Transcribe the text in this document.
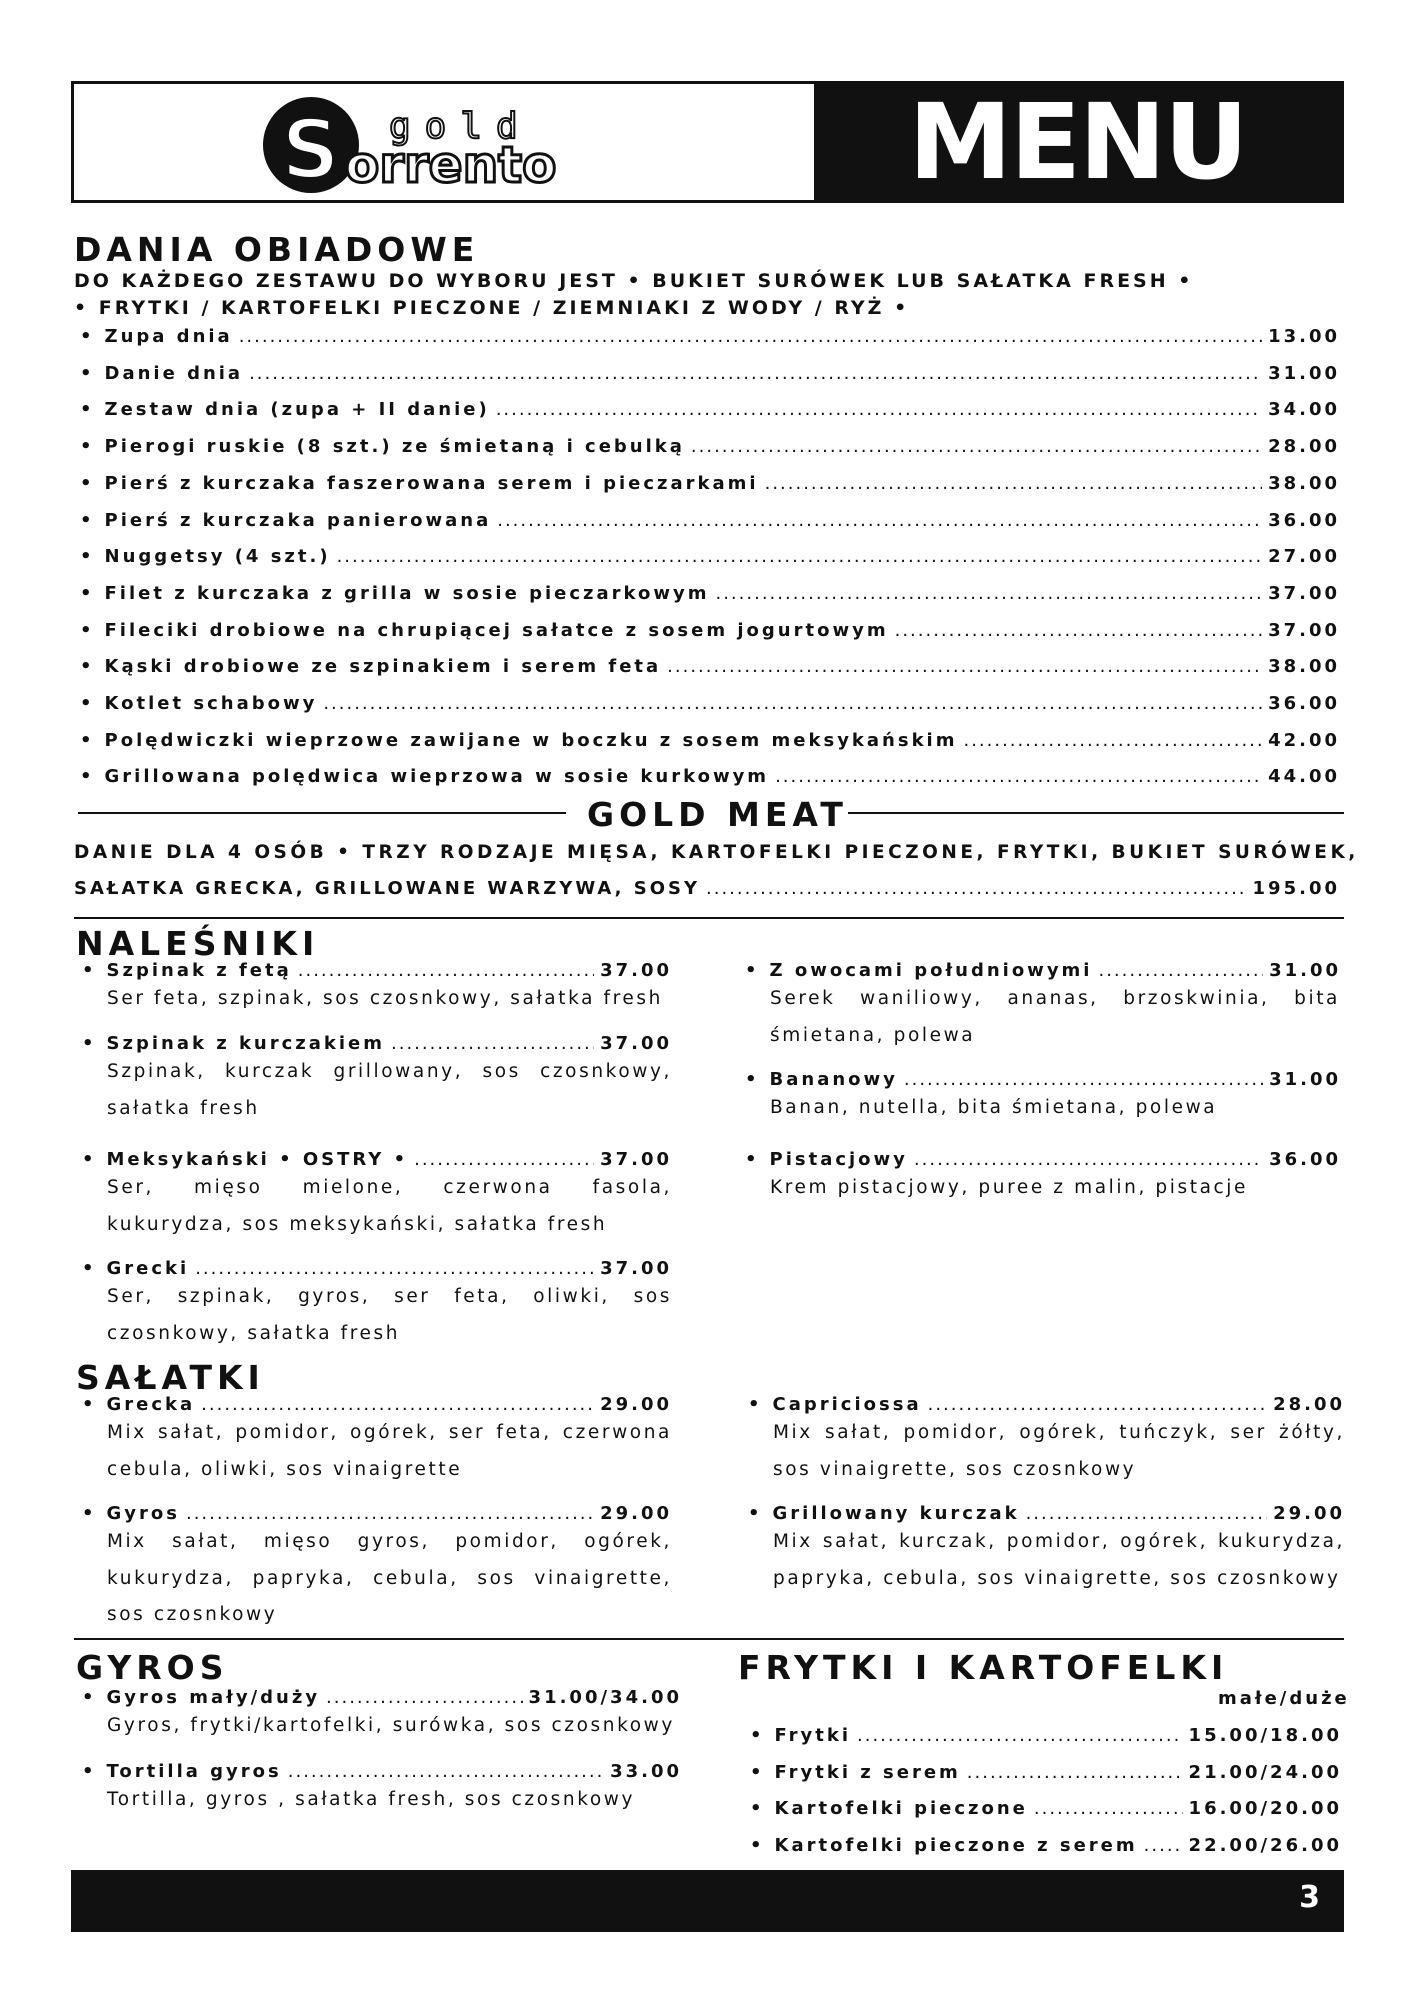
S gold
orrento	MENU
DANIA OBIADOWE
DO KAŻDEGO ZESTAWU DO WYBORU JEST • BUKIET SURÓWEK LUB SAŁATKA FRESH •
• FRYTKI / KARTOFELKI PIECZONE / ZIEMNIAKI Z WODY / RYŻ •
• Zupa dnia .....	13.00
• Danie dnia .....	31.00
• Zestaw dnia (zupa + II danie) .....	34.00
• Pierogi ruskie (8 szt.) ze śmietaną i cebulką .....	28.00
• Pierś z kurczaka faszerowana serem i pieczarkami .....	38.00
• Pierś z kurczaka panierowana .....	36.00
• Nuggetsy (4 szt.) .....	27.00
• Filet z kurczaka z grilla w sosie pieczarkowym .....	37.00
• Fileciki drobiowe na chrupiącej sałatce z sosem jogurtowym .....	37.00
• Kąski drobiowe ze szpinakiem i serem feta .....	38.00
• Kotlet schabowy .....	36.00
• Polędwiczki wieprzowe zawijane w boczku z sosem meksykańskim .....	42.00
• Grillowana polędwica wieprzowa w sosie kurkowym .....	44.00
GOLD MEAT
DANIE DLA 4 OSÓB • TRZY RODZAJE MIĘSA, KARTOFELKI PIECZONE, FRYTKI, BUKIET SURÓWEK,
SAŁATKA GRECKA, GRILLOWANE WARZYWA, SOSY .....	195.00
NALEŚNIKI
• Szpinak z fetą .....	37.00
Ser feta, szpinak, sos czosnkowy, sałatka fresh
• Szpinak z kurczakiem .....	37.00
Szpinak, kurczak grillowany, sos czosnkowy, sałatka fresh
• Meksykański • OSTRY • .....	37.00
Ser, mięso mielone, czerwona fasola, kukurydza, sos meksykański, sałatka fresh
• Grecki .....	37.00
Ser, szpinak, gyros, ser feta, oliwki, sos czosnkowy, sałatka fresh
• Z owocami południowymi .....	31.00
Serek waniliowy, ananas, brzoskwinia, bita śmietana, polewa
• Bananowy .....	31.00
Banan, nutella, bita śmietana, polewa
• Pistacjowy .....	36.00
Krem pistacjowy, puree z malin, pistacje
SAŁATKI
• Grecka .....	29.00
Mix sałat, pomidor, ogórek, ser feta, czerwona cebula, oliwki, sos vinaigrette
• Gyros .....	29.00
Mix sałat, mięso gyros, pomidor, ogórek, kukurydza, papryka, cebula, sos vinaigrette, sos czosnkowy
• Capriciossa .....	28.00
Mix sałat, pomidor, ogórek, tuńczyk, ser żółty, sos vinaigrette, sos czosnkowy
• Grillowany kurczak .....	29.00
Mix sałat, kurczak, pomidor, ogórek, kukurydza, papryka, cebula, sos vinaigrette, sos czosnkowy
GYROS
• Gyros mały/duży .....	31.00/34.00
Gyros, frytki/kartofelki, surówka, sos czosnkowy
• Tortilla gyros .....	33.00
Tortilla, gyros , sałatka fresh, sos czosnkowy
FRYTKI I KARTOFELKI
małe/duże
• Frytki .....	15.00/18.00
• Frytki z serem .....	21.00/24.00
• Kartofelki pieczone .....	16.00/20.00
• Kartofelki pieczone z serem .....	22.00/26.00
3
